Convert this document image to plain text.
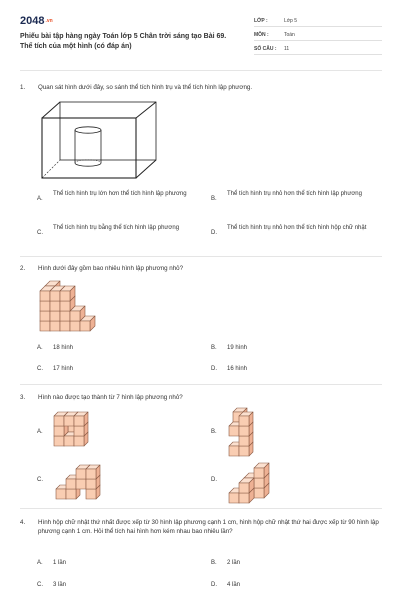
2048.vn
Phiếu bài tập hàng ngày Toán lớp 5 Chân trời sáng tạo Bài 69. Thể tích của một hình (có đáp án)
LỚP :	Lớp 5
MÔN :	Toán
SỐ CÂU : 11
1. Quan sát hình dưới đây, so sánh thể tích hình trụ và thể tích hình lập phương.
A.
Thể tích hình trụ lớn hơn thể tích hình lập phương
B.
Thể tích hình trụ nhỏ hơn thể tích hình lập phương
C.
Thể tích hình trụ bằng thể tích hình lập phương
D.
Thể tích hình trụ nhỏ hơn thể tích hình hộp chữ nhật
2. Hình dưới đây gồm bao nhiêu hình lập phương nhỏ?
A. 18 hình	B. 19 hình
C. 17 hình	D. 16 hình
3. Hình nào được tạo thành từ 7 hình lập phương nhỏ?
A.	B.
C.	D.
4. Hình hộp chữ nhật thứ nhất được xếp từ 30 hình lập phương cạnh 1 cm, hình hộp chữ nhật thứ hai được xếp từ 90 hình lập phương cạnh 1 cm. Hỏi thể tích hai hình hơn kém nhau bao nhiêu lần?
A. 1 lần	B. 2 lần
C. 3 lần	D. 4 lần
